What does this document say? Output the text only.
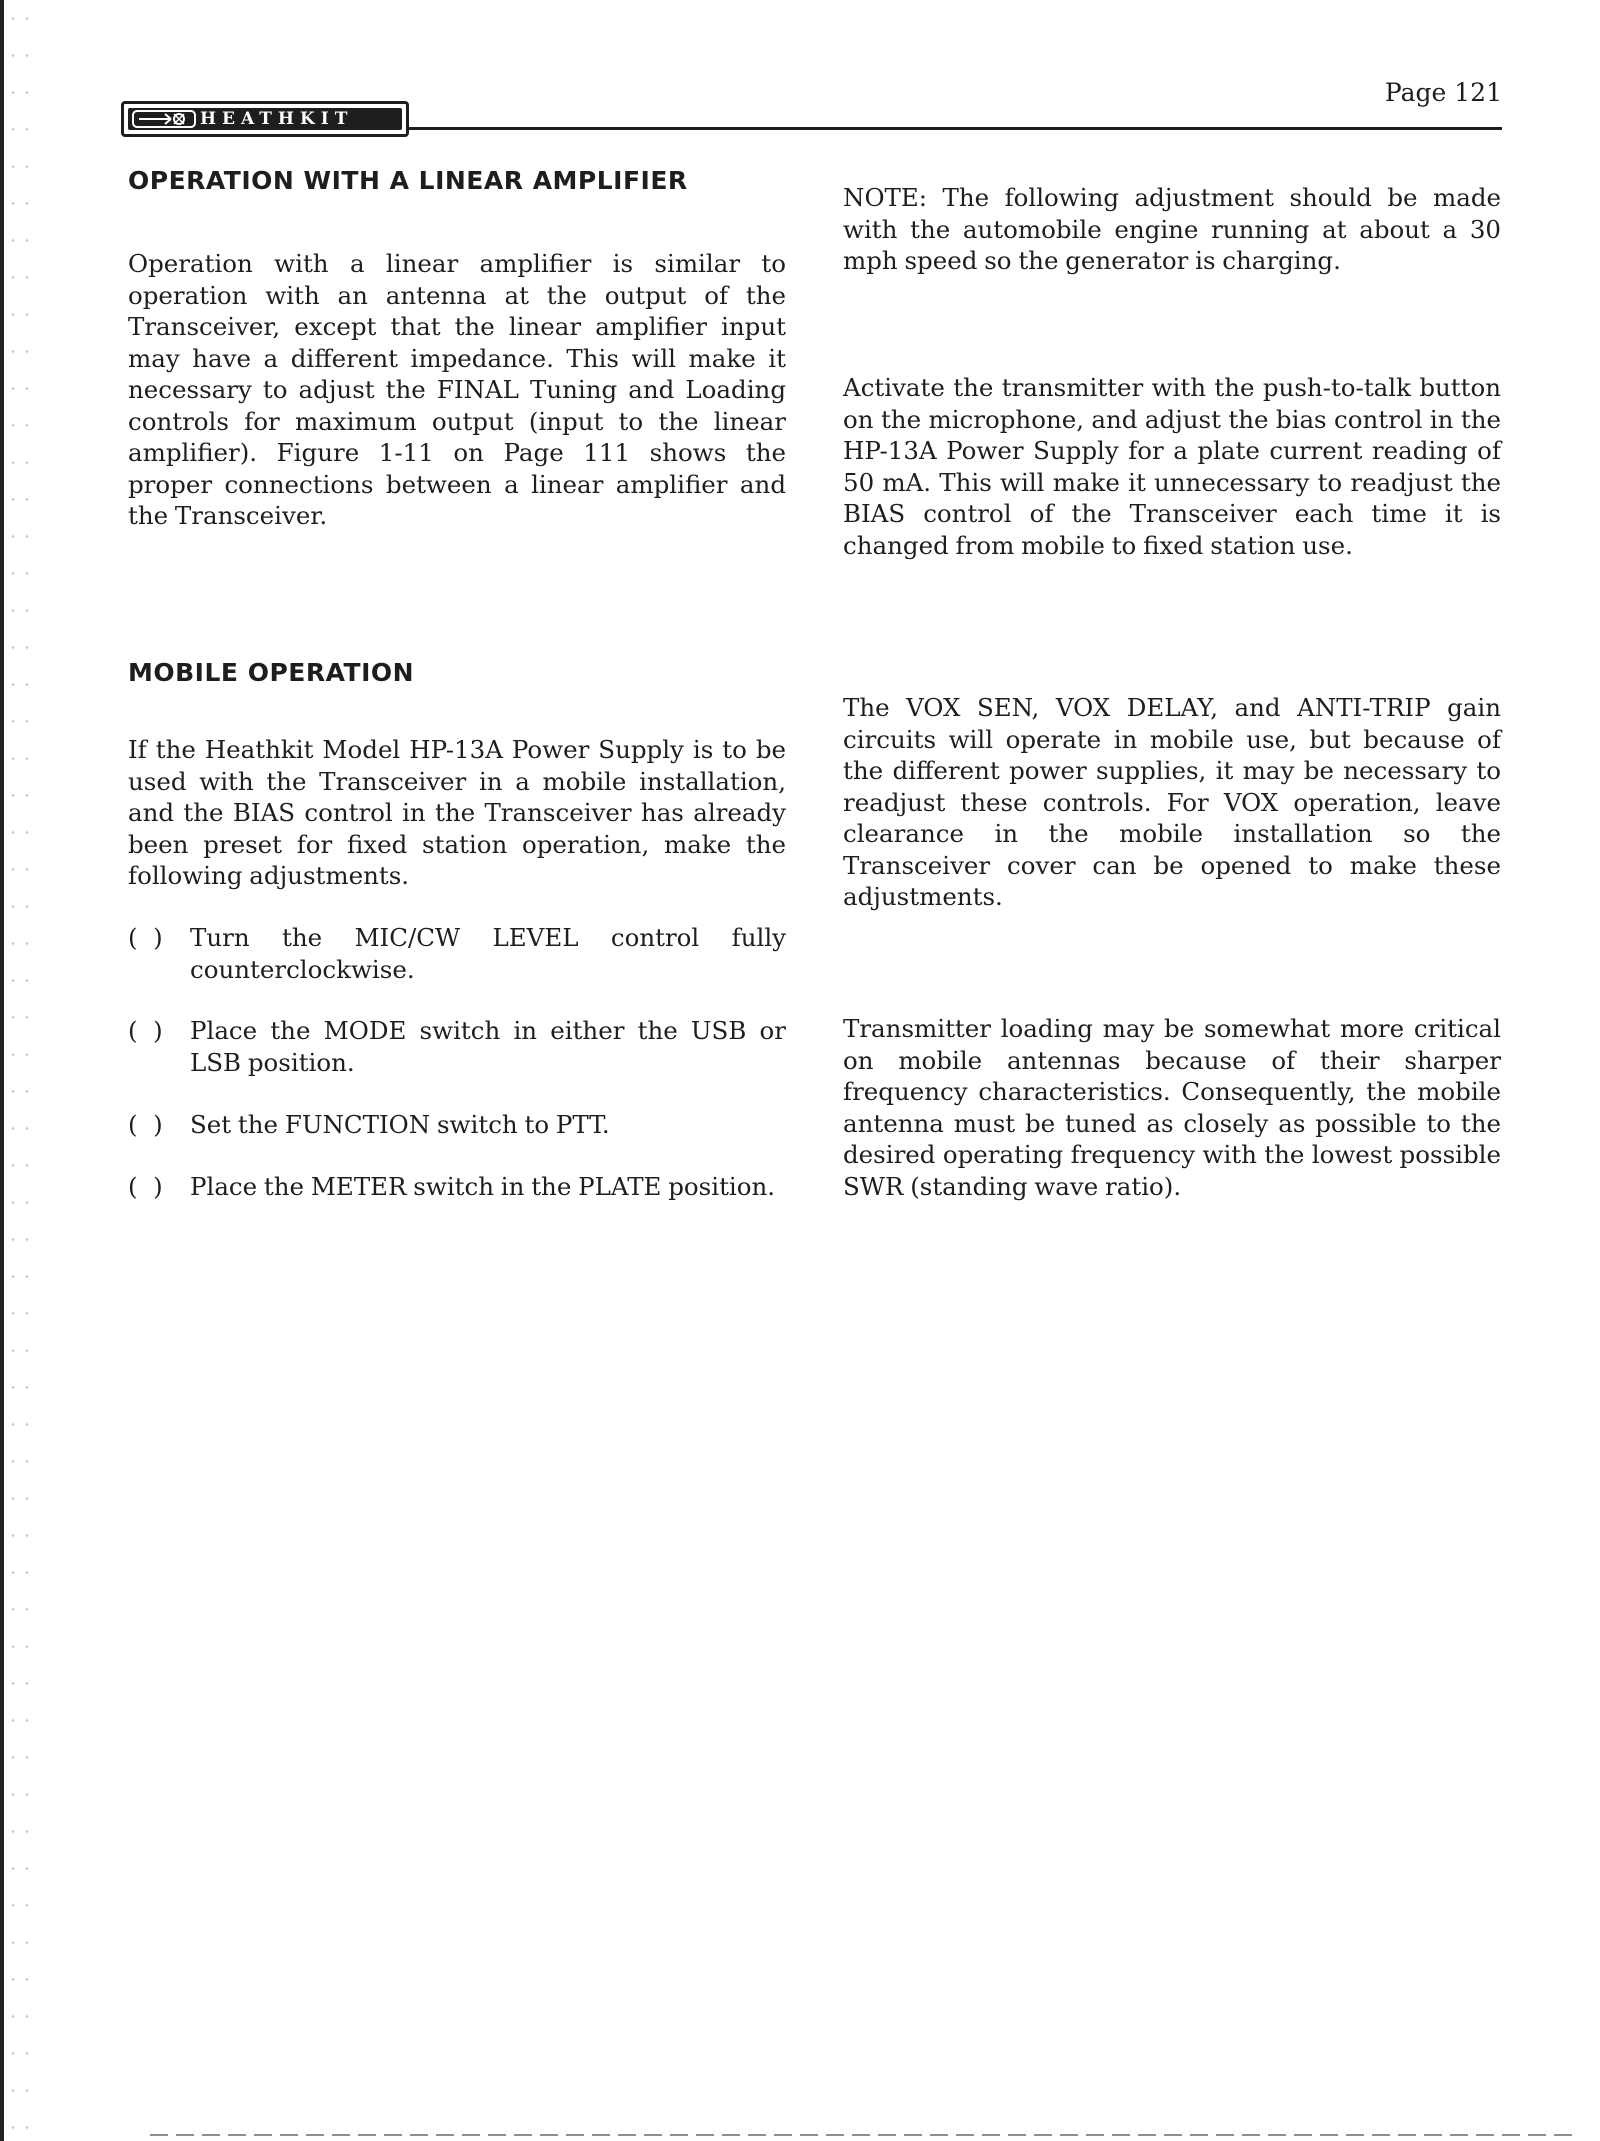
HEATHKIT
Page 121
OPERATION WITH A LINEAR AMPLIFIER

Operation with a linear amplifier is similar to operation with an antenna at the output of the Transceiver, except that the linear amplifier input may have a different impedance. This will make it necessary to adjust the FINAL Tuning and Loading controls for maximum output (input to the linear amplifier). Figure 1-11 on Page 111 shows the proper connections between a linear amplifier and the Transceiver.

MOBILE OPERATION

If the Heathkit Model HP-13A Power Supply is to be used with the Transceiver in a mobile installation, and the BIAS control in the Transceiver has already been preset for fixed station operation, make the following adjustments.

(  )	Turn the MIC/CW LEVEL control fully counterclockwise.
(  )	Place the MODE switch in either the USB or LSB position.
(  )	Set the FUNCTION switch to PTT.
(  )	Place the METER switch in the PLATE position.

NOTE: The following adjustment should be made with the automobile engine running at about a 30 mph speed so the generator is charging.

Activate the transmitter with the push-to-talk button on the microphone, and adjust the bias control in the HP-13A Power Supply for a plate current reading of 50 mA. This will make it unnecessary to readjust the BIAS control of the Transceiver each time it is changed from mobile to fixed station use.

The VOX SEN, VOX DELAY, and ANTI-TRIP gain circuits will operate in mobile use, but because of the different power supplies, it may be necessary to readjust these controls. For VOX operation, leave clearance in the mobile installation so the Transceiver cover can be opened to make these adjustments.

Transmitter loading may be somewhat more critical on mobile antennas because of their sharper frequency characteristics. Consequently, the mobile antenna must be tuned as closely as possible to the desired operating frequency with the lowest possible SWR (standing wave ratio).
